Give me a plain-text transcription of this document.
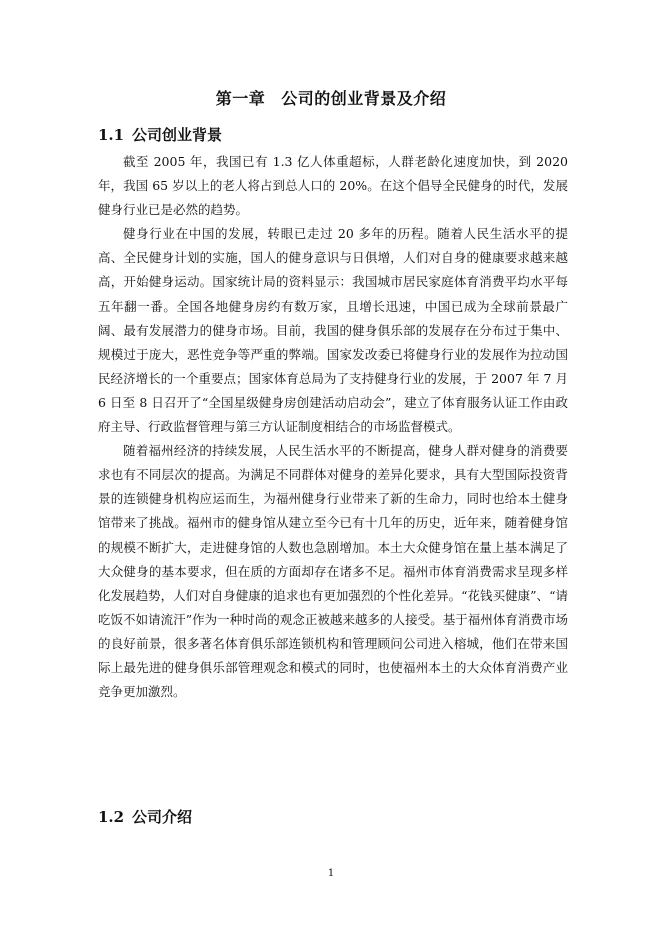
第一章 公司的创业背景及介绍
1.1 公司创业背景

截至 2005 年，我国已有 1.3 亿人体重超标，人群老龄化速度加快，到 2020 年，我国 65 岁以上的老人将占到总人口的 20%。在这个倡导全民健身的时代，发展健身行业已是必然的趋势。

健身行业在中国的发展，转眼已走过 20 多年的历程。随着人民生活水平的提高、全民健身计划的实施，国人的健身意识与日俱增，人们对自身的健康要求越来越高，开始健身运动。国家统计局的资料显示：我国城市居民家庭体育消费平均水平每五年翻一番。全国各地健身房约有数万家，且增长迅速，中国已成为全球前景最广阔、最有发展潜力的健身市场。目前，我国的健身俱乐部的发展存在分布过于集中、规模过于庞大，恶性竞争等严重的弊端。国家发改委已将健身行业的发展作为拉动国民经济增长的一个重要点；国家体育总局为了支持健身行业的发展，于 2007 年 7 月 6 日至 8 日召开了“全国星级健身房创建活动启动会”，建立了体育服务认证工作由政府主导、行政监督管理与第三方认证制度相结合的市场监督模式。

随着福州经济的持续发展，人民生活水平的不断提高，健身人群对健身的消费要求也有不同层次的提高。为满足不同群体对健身的差异化要求，具有大型国际投资背景的连锁健身机构应运而生，为福州健身行业带来了新的生命力，同时也给本土健身馆带来了挑战。福州市的健身馆从建立至今已有十几年的历史，近年来，随着健身馆的规模不断扩大，走进健身馆的人数也急剧增加。本土大众健身馆在量上基本满足了大众健身的基本要求，但在质的方面却存在诸多不足。福州市体育消费需求呈现多样化发展趋势，人们对自身健康的追求也有更加强烈的个性化差异。“花钱买健康”、“请吃饭不如请流汗”作为一种时尚的观念正被越来越多的人接受。基于福州体育消费市场的良好前景，很多著名体育俱乐部连锁机构和管理顾问公司进入榕城，他们在带来国际上最先进的健身俱乐部管理观念和模式的同时，也使福州本土的大众体育消费产业竞争更加激烈。

1.2 公司介绍
1
